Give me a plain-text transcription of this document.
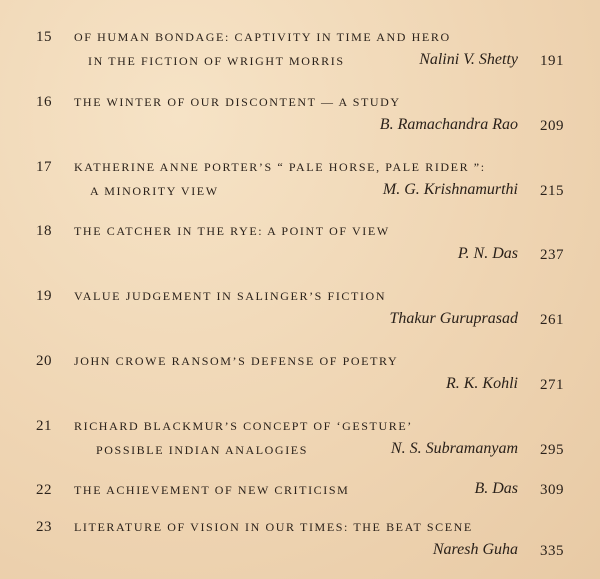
15	OF HUMAN BONDAGE: CAPTIVITY IN TIME AND HERO
IN THE FICTION OF WRIGHT MORRIS	Nalini V. Shetty 191
16	THE WINTER OF OUR DISCONTENT — A STUDY
B. Ramachandra Rao 209
17	KATHERINE ANNE PORTER’S “ PALE HORSE, PALE RIDER ”:
A MINORITY VIEW	M. G. Krishnamurthi 215
18	THE CATCHER IN THE RYE: A POINT OF VIEW
P. N. Das 237
19	VALUE JUDGEMENT IN SALINGER’S FICTION
Thakur Guruprasad 261
20	JOHN CROWE RANSOM’S DEFENSE OF POETRY
R. K. Kohli 271
21	RICHARD BLACKMUR’S CONCEPT OF ‘GESTURE’
POSSIBLE INDIAN ANALOGIES	N. S. Subramanyam 295
22	THE ACHIEVEMENT OF NEW CRITICISM	B. Das 309
23	LITERATURE OF VISION IN OUR TIMES: THE BEAT SCENE
Naresh Guha 335
